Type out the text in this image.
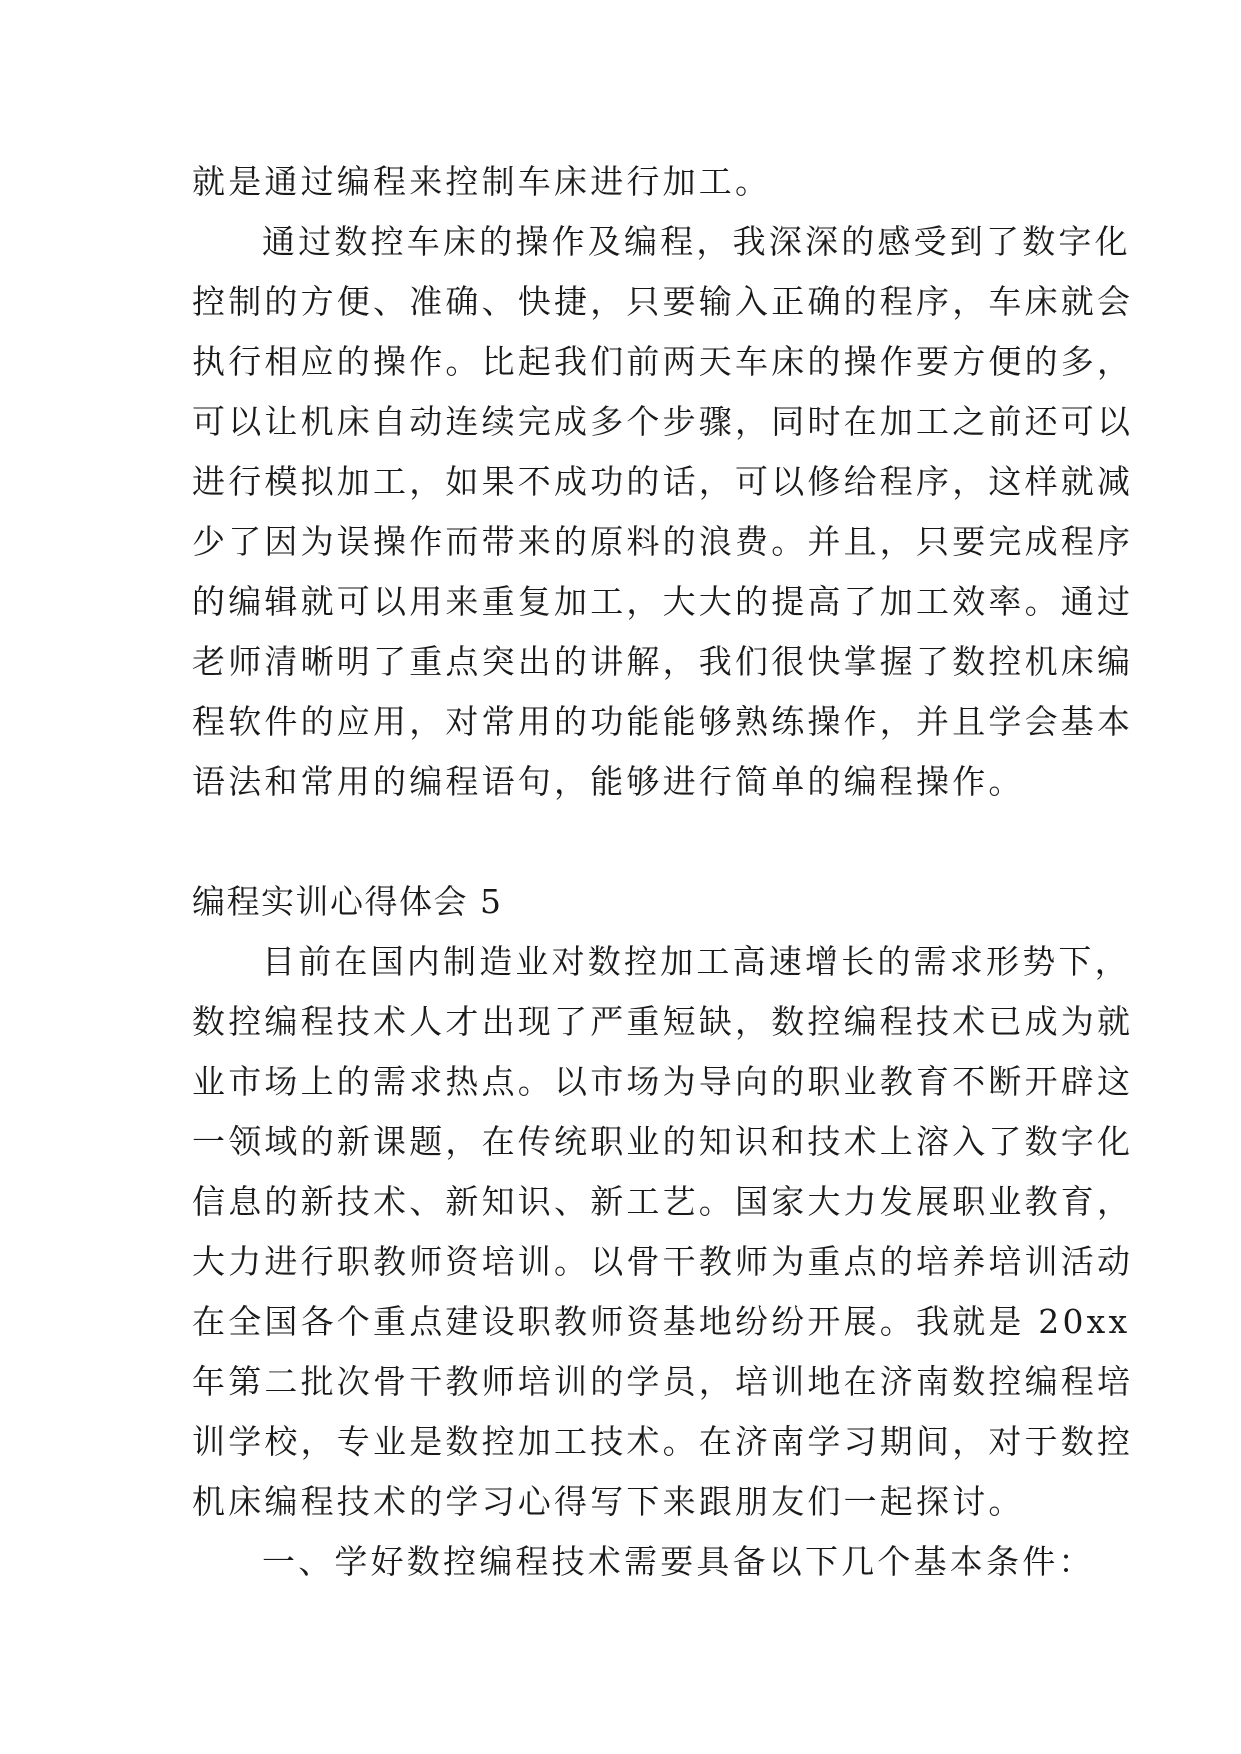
就是通过编程来控制车床进行加工。
通过数控车床的操作及编程，我深深的感受到了数字化
控制的方便、准确、快捷，只要输入正确的程序，车床就会
执行相应的操作。比起我们前两天车床的操作要方便的多，
可以让机床自动连续完成多个步骤，同时在加工之前还可以
进行模拟加工，如果不成功的话，可以修给程序，这样就减
少了因为误操作而带来的原料的浪费。并且，只要完成程序
的编辑就可以用来重复加工，大大的提高了加工效率。通过
老师清晰明了重点突出的讲解，我们很快掌握了数控机床编
程软件的应用，对常用的功能能够熟练操作，并且学会基本
语法和常用的编程语句，能够进行简单的编程操作。
编程实训心得体会 5
目前在国内制造业对数控加工高速增长的需求形势下，
数控编程技术人才出现了严重短缺，数控编程技术已成为就
业市场上的需求热点。以市场为导向的职业教育不断开辟这
一领域的新课题，在传统职业的知识和技术上溶入了数字化
信息的新技术、新知识、新工艺。国家大力发展职业教育，
大力进行职教师资培训。以骨干教师为重点的培养培训活动
在全国各个重点建设职教师资基地纷纷开展。我就是 20xx
年第二批次骨干教师培训的学员，培训地在济南数控编程培
训学校，专业是数控加工技术。在济南学习期间，对于数控
机床编程技术的学习心得写下来跟朋友们一起探讨。
一、学好数控编程技术需要具备以下几个基本条件：
